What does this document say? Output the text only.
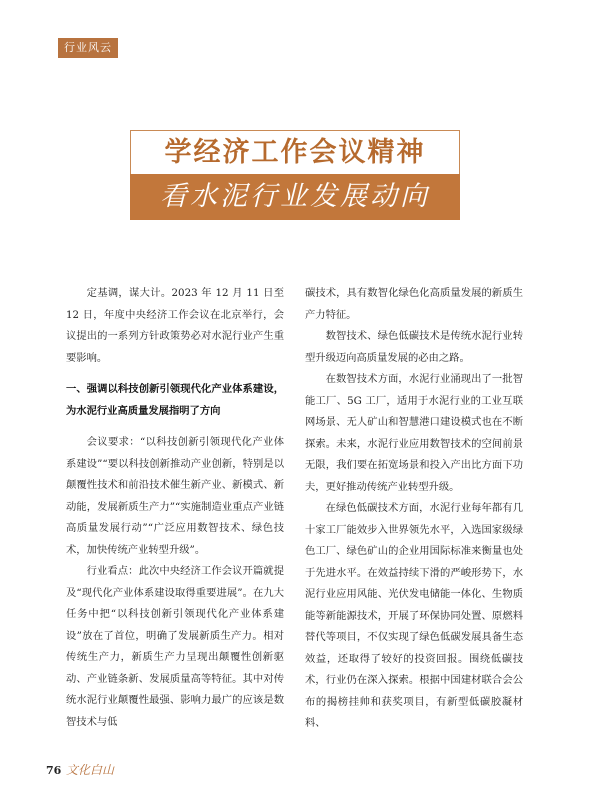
行业风云
学经济工作会议精神
看水泥行业发展动向

定基调，谋大计。2023 年 12 月 11 日至 12 日，年度中央经济工作会议在北京举行，会议提出的一系列方针政策势必对水泥行业产生重要影响。

一、强调以科技创新引领现代化产业体系建设，为水泥行业高质量发展指明了方向

会议要求：“以科技创新引领现代化产业体系建设”“要以科技创新推动产业创新，特别是以颠覆性技术和前沿技术催生新产业、新模式、新动能，发展新质生产力”“实施制造业重点产业链高质量发展行动”“广泛应用数智技术、绿色技术，加快传统产业转型升级”。

行业看点：此次中央经济工作会议开篇就提及“现代化产业体系建设取得重要进展”。在九大任务中把“以科技创新引领现代化产业体系建设”放在了首位，明确了发展新质生产力。相对传统生产力，新质生产力呈现出颠覆性创新驱动、产业链条新、发展质量高等特征。其中对传统水泥行业颠覆性最强、影响力最广的应该是数智技术与低

碳技术，具有数智化绿色化高质量发展的新质生产力特征。

数智技术、绿色低碳技术是传统水泥行业转型升级迈向高质量发展的必由之路。

在数智技术方面，水泥行业涌现出了一批智能工厂、5G 工厂，适用于水泥行业的工业互联网场景、无人矿山和智慧港口建设模式也在不断探索。未来，水泥行业应用数智技术的空间前景无限，我们要在拓宽场景和投入产出比方面下功夫，更好推动传统产业转型升级。

在绿色低碳技术方面，水泥行业每年都有几十家工厂能效步入世界领先水平，入选国家级绿色工厂、绿色矿山的企业用国际标准来衡量也处于先进水平。在效益持续下滑的严峻形势下，水泥行业应用风能、光伏发电储能一体化、生物质能等新能源技术，开展了环保协同处置、原燃料替代等项目，不仅实现了绿色低碳发展具备生态效益，还取得了较好的投资回报。围绕低碳技术，行业仍在深入探索。根据中国建材联合会公布的揭榜挂帅和获奖项目，有新型低碳胶凝材料、

76 文化白山
